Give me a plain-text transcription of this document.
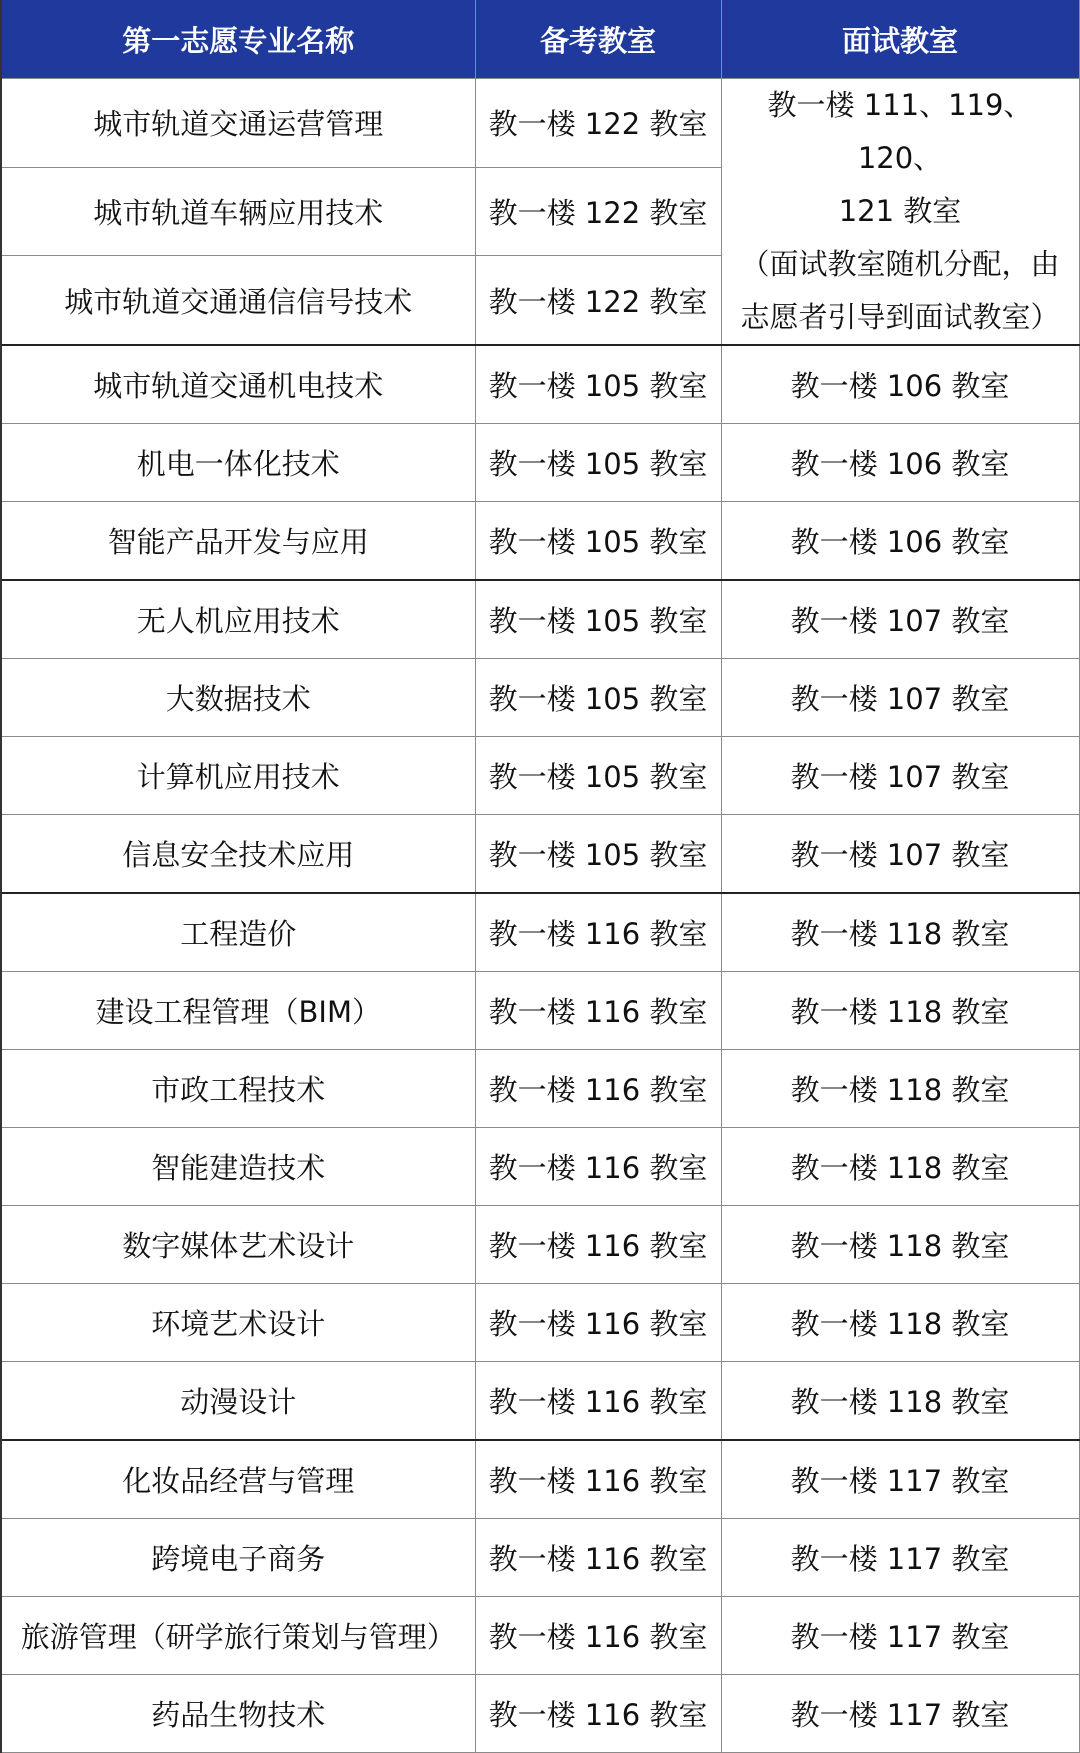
第一志愿专业名称	备考教室	面试教室
城市轨道交通运营管理	教一楼 122 教室	教一楼 111、119、120、
121 教室
（面试教室随机分配，由
志愿者引导到面试教室）

城市轨道车辆应用技术	教一楼 122 教室	
城市轨道交通通信信号技术	教一楼 122 教室	
城市轨道交通机电技术	教一楼 105 教室	教一楼 106 教室
机电一体化技术	教一楼 105 教室	教一楼 106 教室
智能产品开发与应用	教一楼 105 教室	教一楼 106 教室
无人机应用技术	教一楼 105 教室	教一楼 107 教室
大数据技术	教一楼 105 教室	教一楼 107 教室
计算机应用技术	教一楼 105 教室	教一楼 107 教室
信息安全技术应用	教一楼 105 教室	教一楼 107 教室
工程造价	教一楼 116 教室	教一楼 118 教室
建设工程管理（BIM）	教一楼 116 教室	教一楼 118 教室
市政工程技术	教一楼 116 教室	教一楼 118 教室
智能建造技术	教一楼 116 教室	教一楼 118 教室
数字媒体艺术设计	教一楼 116 教室	教一楼 118 教室
环境艺术设计	教一楼 116 教室	教一楼 118 教室
动漫设计	教一楼 116 教室	教一楼 118 教室
化妆品经营与管理	教一楼 116 教室	教一楼 117 教室
跨境电子商务	教一楼 116 教室	教一楼 117 教室
旅游管理（研学旅行策划与管理）	教一楼 116 教室	教一楼 117 教室
药品生物技术	教一楼 116 教室	教一楼 117 教室
